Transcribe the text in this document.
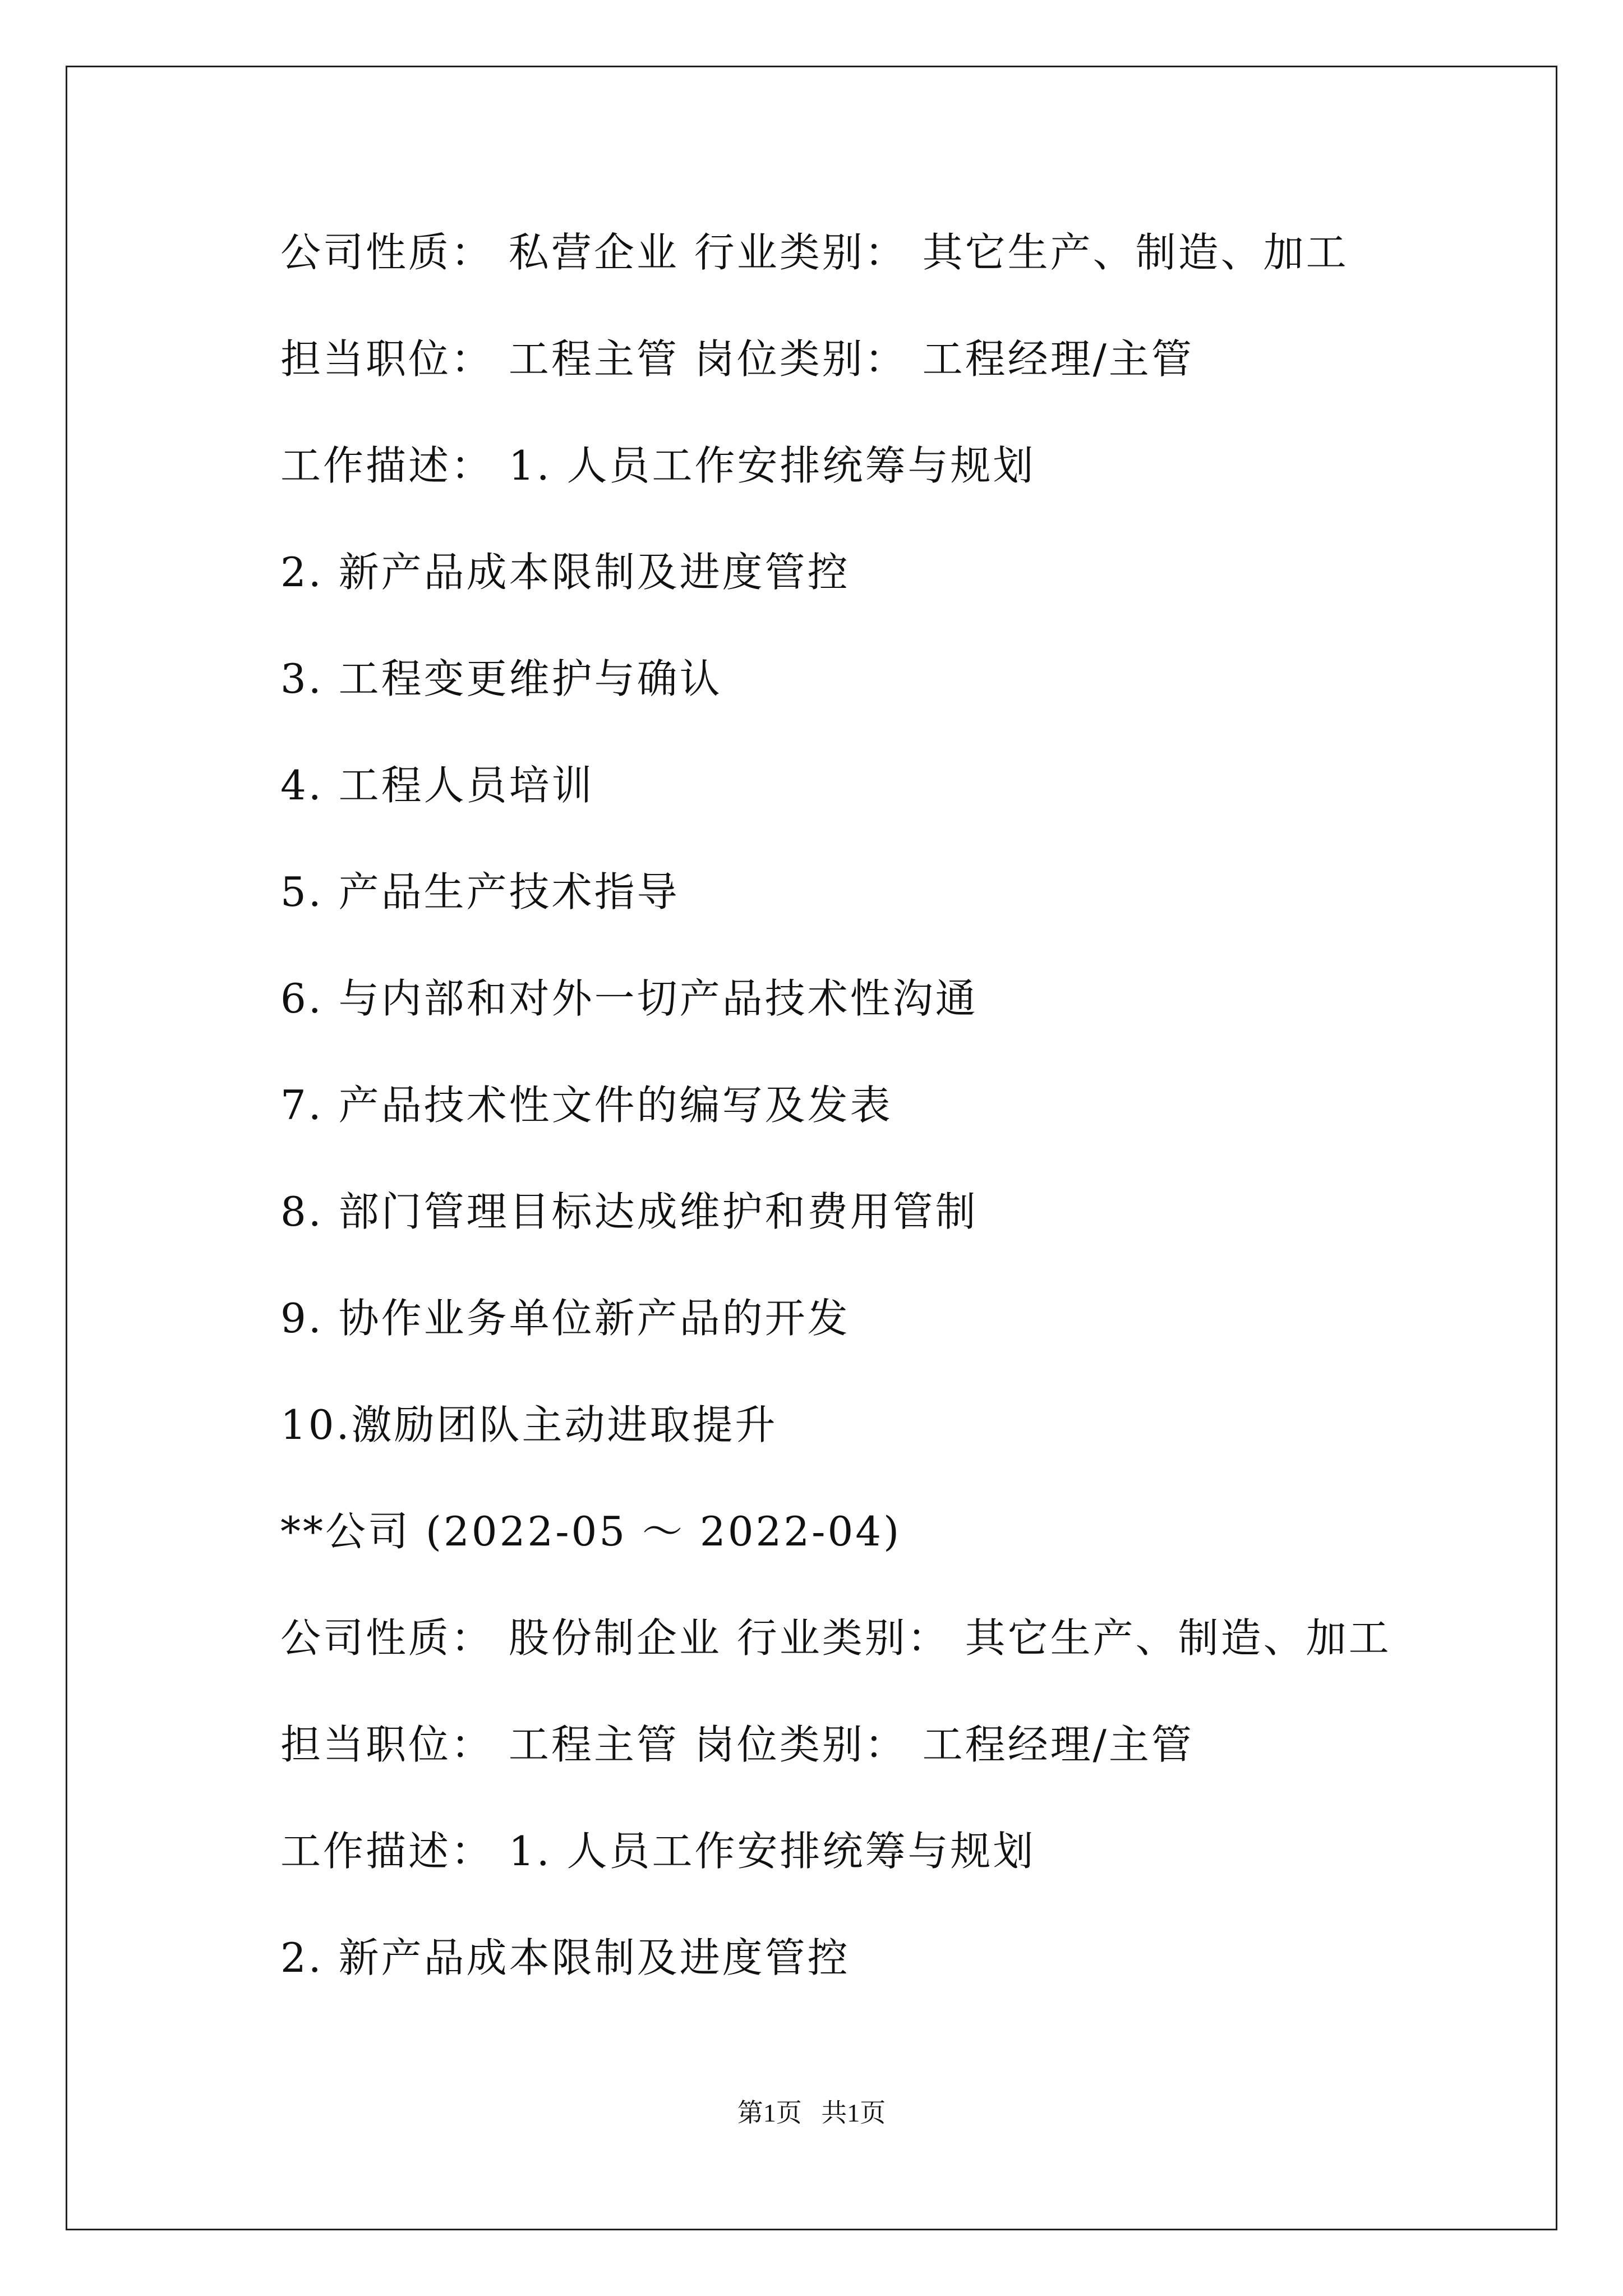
公司性质： 私营企业 行业类别： 其它生产、制造、加工
担当职位： 工程主管 岗位类别： 工程经理/主管
工作描述： 1. 人员工作安排统筹与规划
2. 新产品成本限制及进度管控
3. 工程变更维护与确认
4. 工程人员培训
5. 产品生产技术指导
6. 与内部和对外一切产品技术性沟通
7. 产品技术性文件的编写及发表
8. 部门管理目标达成维护和费用管制
9. 协作业务单位新产品的开发
10.激励团队主动进取提升
**公司 (2022-05 ～ 2022-04)
公司性质： 股份制企业 行业类别： 其它生产、制造、加工
担当职位： 工程主管 岗位类别： 工程经理/主管
工作描述： 1. 人员工作安排统筹与规划
2. 新产品成本限制及进度管控
第1页   共1页
